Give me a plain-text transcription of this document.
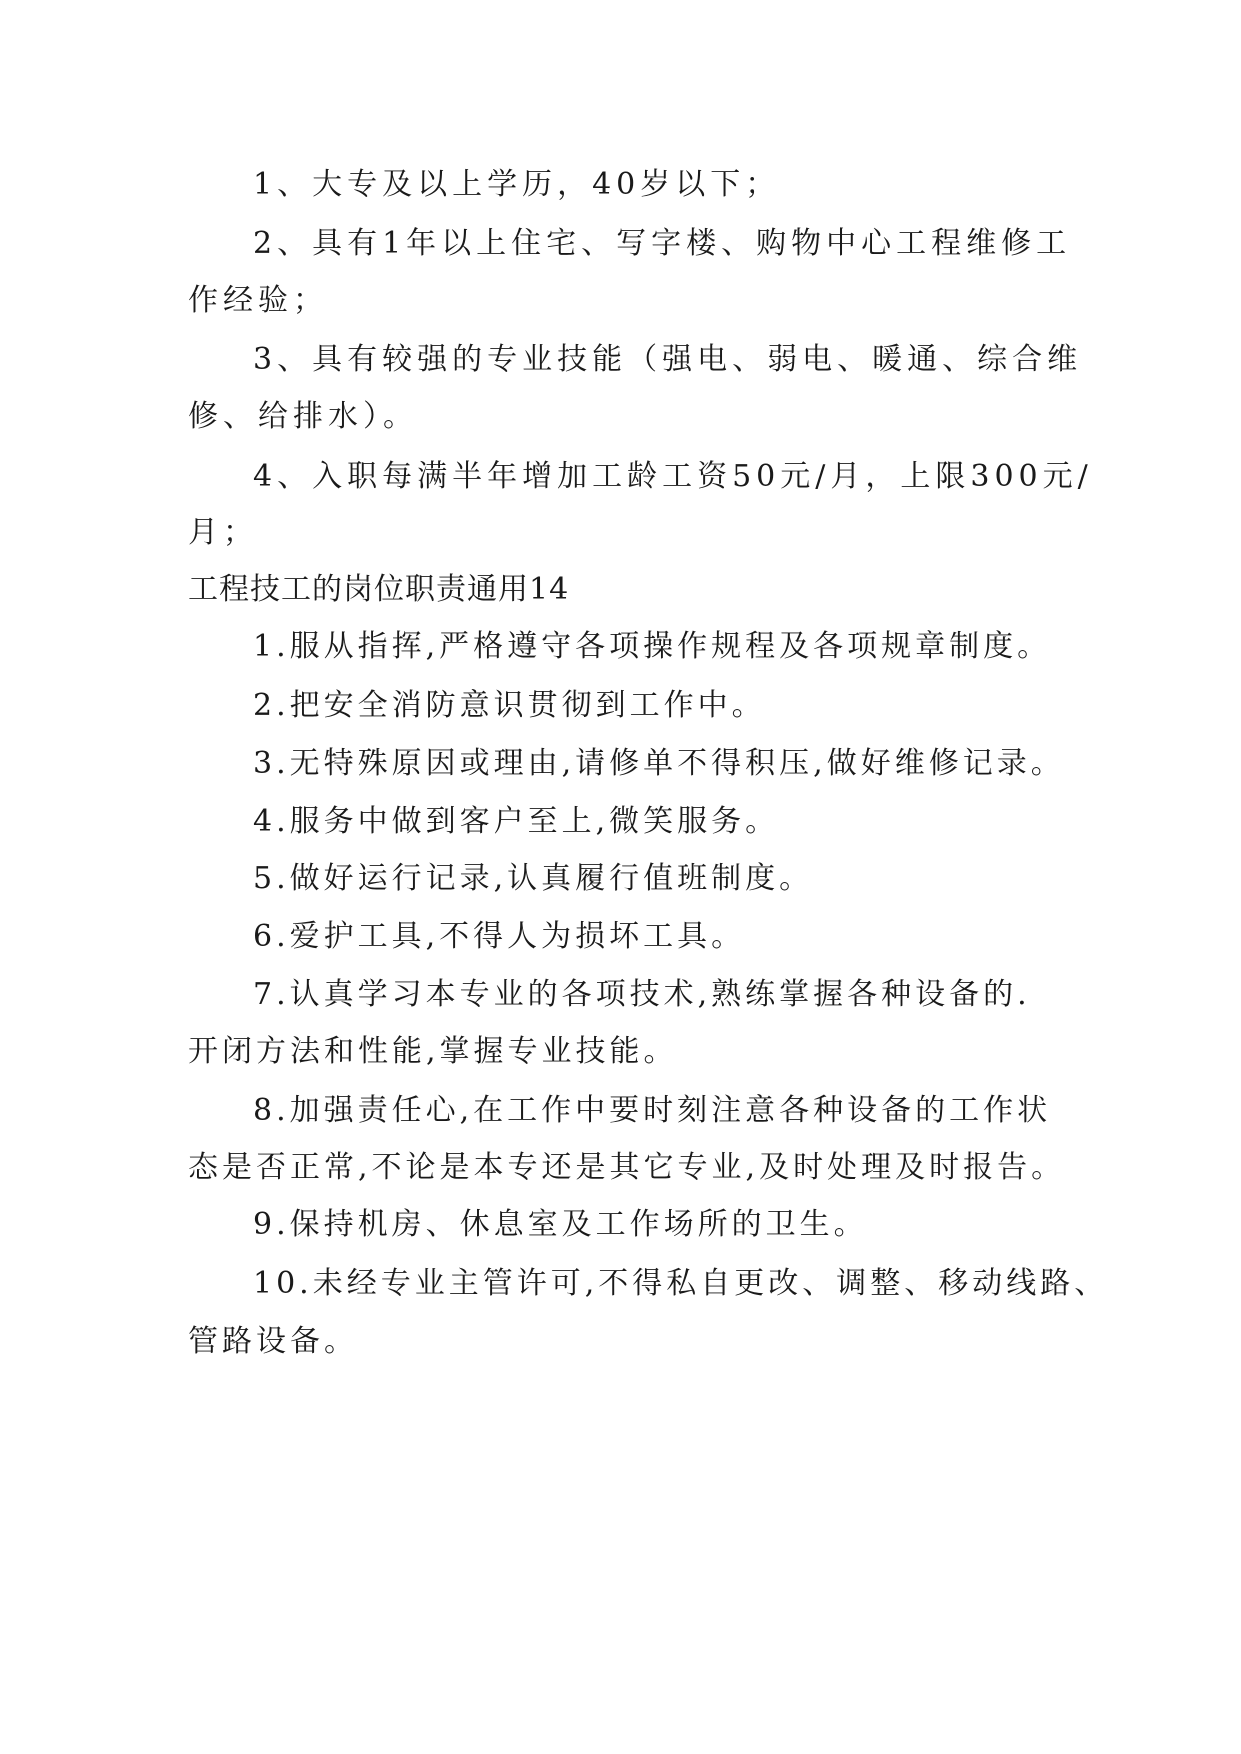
1、大专及以上学历，40岁以下；
2、具有1年以上住宅、写字楼、购物中心工程维修工
作经验；
3、具有较强的专业技能（强电、弱电、暖通、综合维
修、给排水）。
4、入职每满半年增加工龄工资50元/月，上限300元/
月；
工程技工的岗位职责通用14
1.服从指挥,严格遵守各项操作规程及各项规章制度。
2.把安全消防意识贯彻到工作中。
3.无特殊原因或理由,请修单不得积压,做好维修记录。
4.服务中做到客户至上,微笑服务。
5.做好运行记录,认真履行值班制度。
6.爱护工具,不得人为损坏工具。
7.认真学习本专业的各项技术,熟练掌握各种设备的.
开闭方法和性能,掌握专业技能。
8.加强责任心,在工作中要时刻注意各种设备的工作状
态是否正常,不论是本专还是其它专业,及时处理及时报告。
9.保持机房、休息室及工作场所的卫生。
10.未经专业主管许可,不得私自更改、调整、移动线路、
管路设备。
